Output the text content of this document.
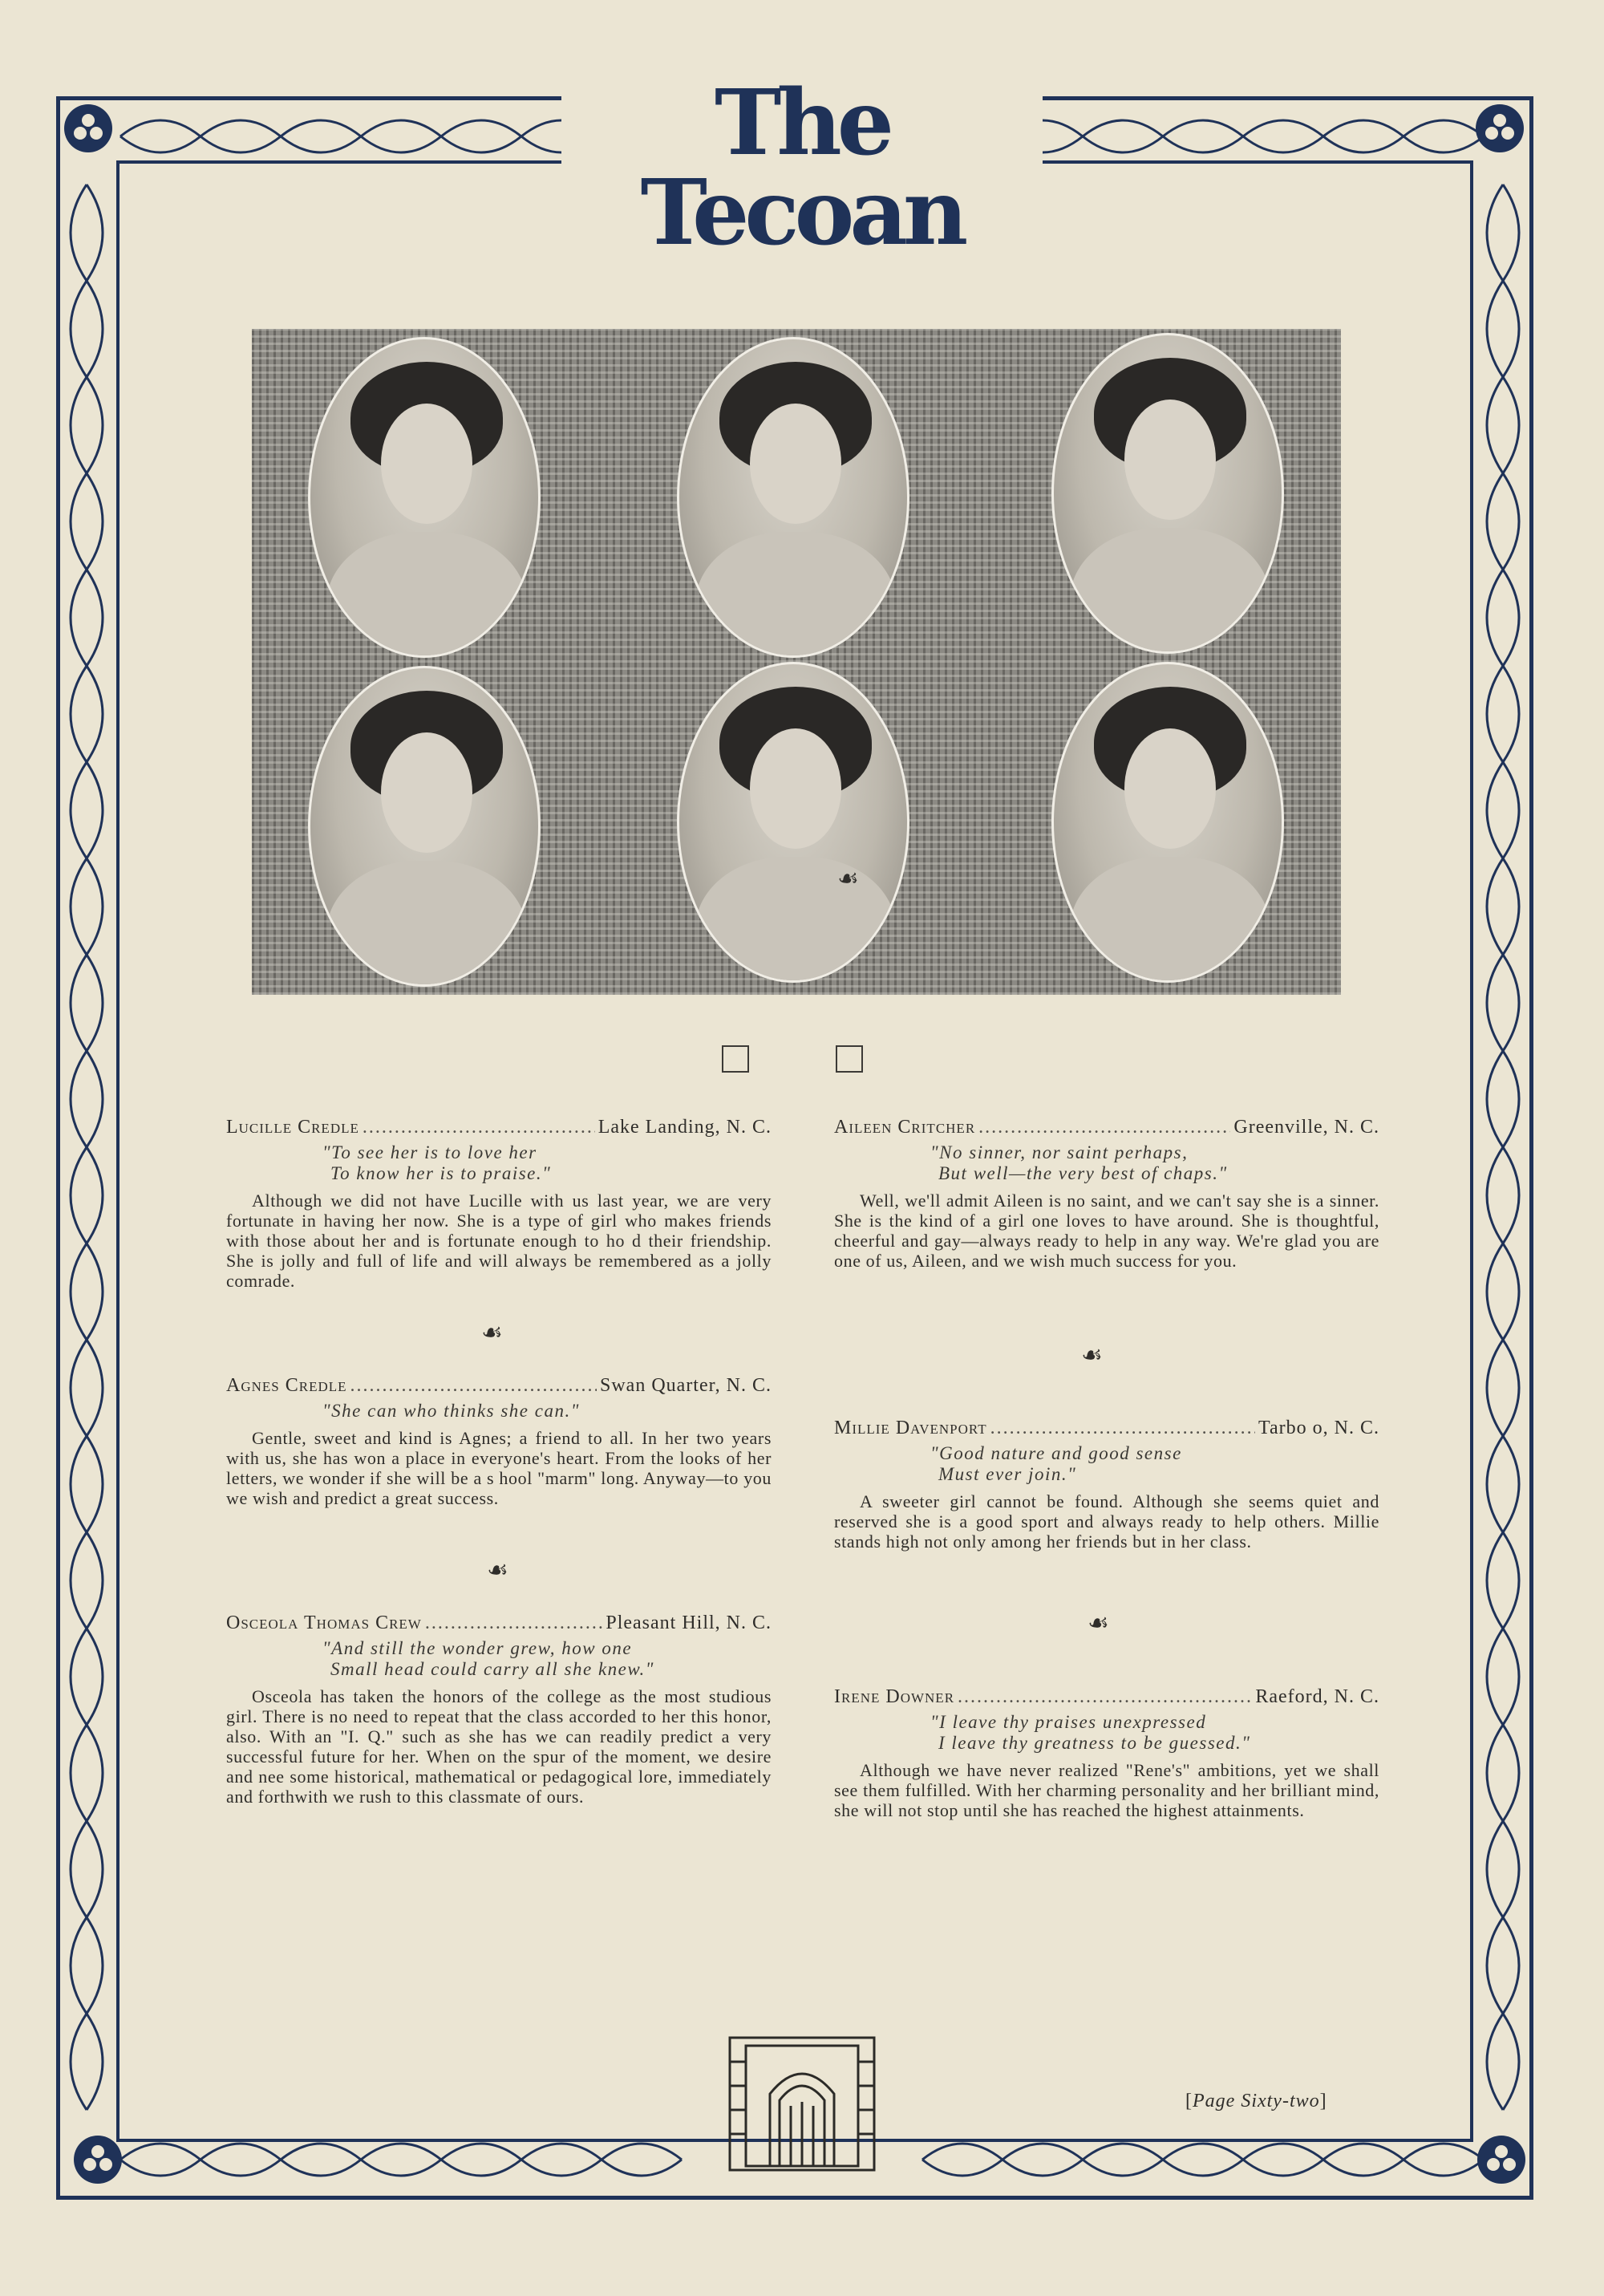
The Tecoan
☙
Lucille Credle .....	Lake Landing, N. C.
"To see her is to love her
To know her is to praise."

Although we did not have Lucille with us last year, we are very fortunate in having her now. She is a type of girl who makes friends with those about her and is fortunate enough to ho d their friendship. She is jolly and full of life and will always be remembered as a jolly comrade.

☙
Agnes Credle .....	Swan Quarter, N. C.
"She can who thinks she can."

Gentle, sweet and kind is Agnes; a friend to all. In her two years with us, she has won a place in everyone's heart. From the looks of her letters, we wonder if she will be a s hool "marm" long. Anyway—to you we wish and predict a great success.

☙
Osceola Thomas Crew .....	Pleasant Hill, N. C.
"And still the wonder grew, how one
Small head could carry all she knew."

Osceola has taken the honors of the college as the most studious girl. There is no need to repeat that the class accorded to her this honor, also. With an "I. Q." such as she has we can readily predict a very successful future for her. When on the spur of the moment, we desire and nee some historical, mathematical or pedagogical lore, immediately and forthwith we rush to this classmate of ours.

Aileen Critcher .....	Greenville, N. C.
"No sinner, nor saint perhaps,
But well—the very best of chaps."

Well, we'll admit Aileen is no saint, and we can't say she is a sinner. She is the kind of a girl one loves to have around. She is thoughtful, cheerful and gay—always ready to help in any way. We're glad you are one of us, Aileen, and we wish much success for you.

☙
Millie Davenport .....	Tarbo o, N. C.
"Good nature and good sense
Must ever join."

A sweeter girl cannot be found. Although she seems quiet and reserved she is a good sport and always ready to help others. Millie stands high not only among her friends but in her class.

☙
Irene Downer .....	Raeford, N. C.
"I leave thy praises unexpressed
I leave thy greatness to be guessed."

Although we have never realized "Rene's" ambitions, yet we shall see them fulfilled. With her charming personality and her brilliant mind, she will not stop until she has reached the highest attainments.

[Page Sixty-two]
